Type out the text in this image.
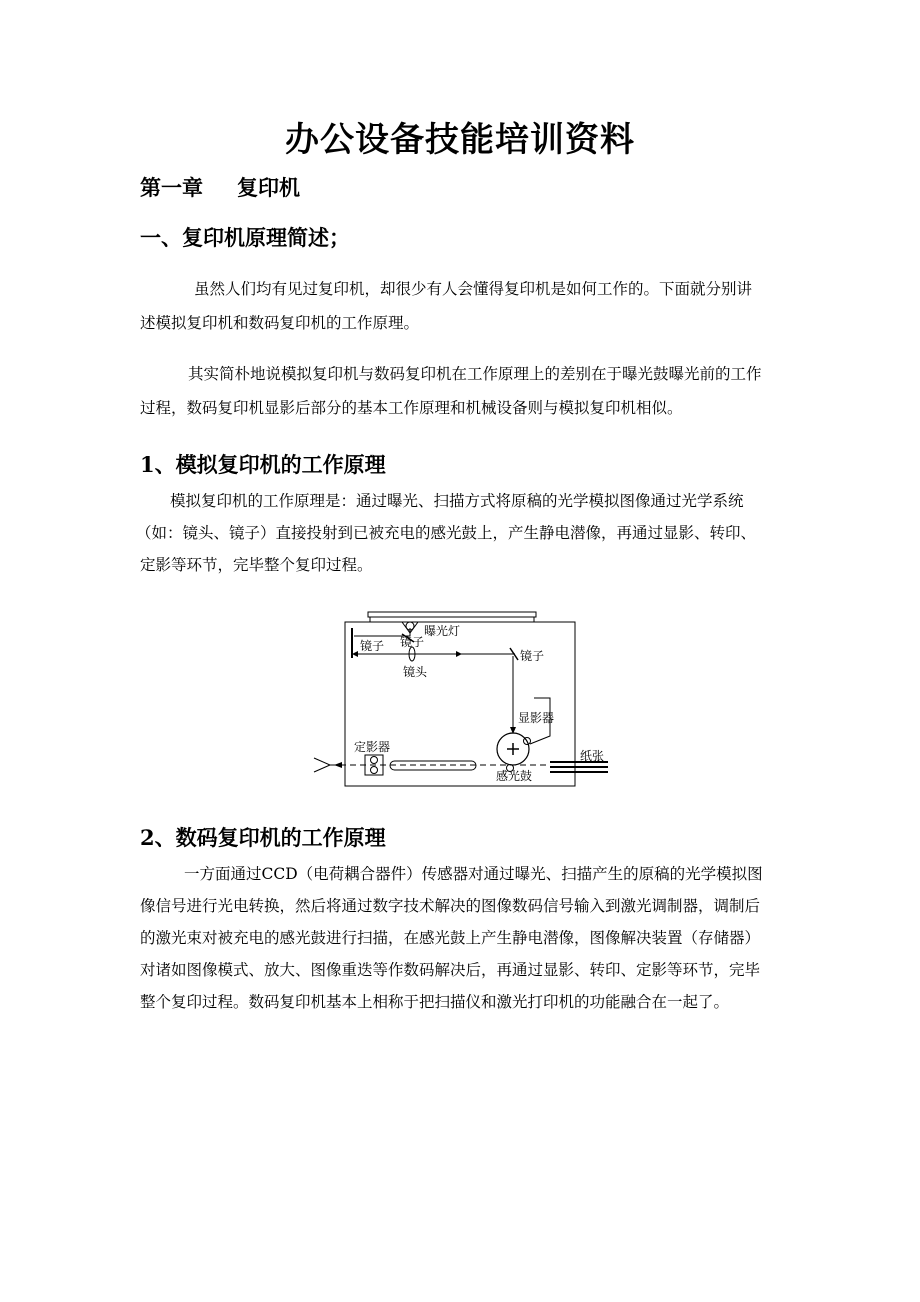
办公设备技能培训资料
第一章 复印机
一、复印机原理简述；
虽然人们均有见过复印机，却很少有人会懂得复印机是如何工作的。下面就分别讲
述模拟复印机和数码复印机的工作原理。
其实简朴地说模拟复印机与数码复印机在工作原理上的差别在于曝光鼓曝光前的工作
过程，数码复印机显影后部分的基本工作原理和机械设备则与模拟复印机相似。
1、模拟复印机的工作原理
模拟复印机的工作原理是：通过曝光、扫描方式将原稿的光学模拟图像通过光学系统
（如：镜头、镜子）直接投射到已被充电的感光鼓上，产生静电潜像，再通过显影、转印、
定影等环节，完毕整个复印过程。
曝光灯
镜子 镜子
镜头
镜子
显影器
感光鼓
纸张
定影器
2、数码复印机的工作原理
一方面通过CCD（电荷耦合器件）传感器对通过曝光、扫描产生的原稿的光学模拟图
像信号进行光电转换，然后将通过数字技术解决的图像数码信号输入到激光调制器，调制后
的激光束对被充电的感光鼓进行扫描，在感光鼓上产生静电潜像，图像解决装置（存储器）
对诸如图像模式、放大、图像重迭等作数码解决后，再通过显影、转印、定影等环节，完毕
整个复印过程。数码复印机基本上相称于把扫描仪和激光打印机的功能融合在一起了。
